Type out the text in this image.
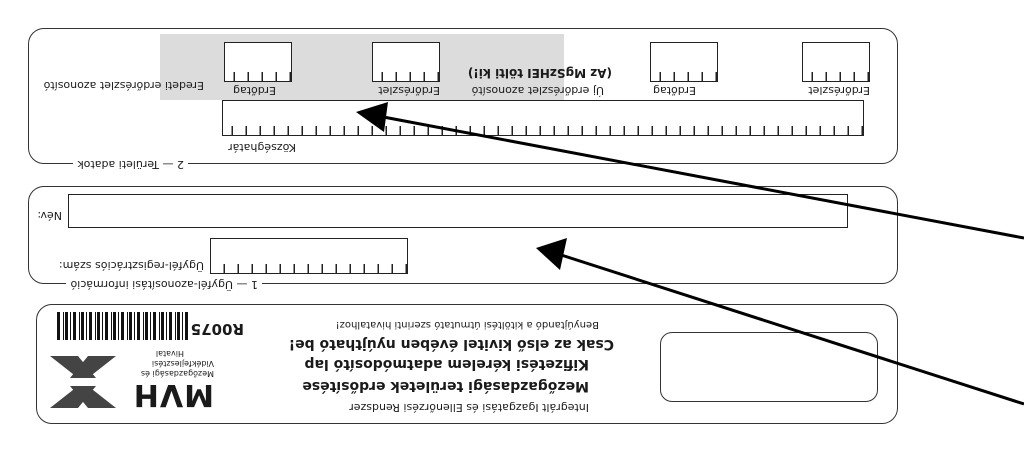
Integrált Igazgatási és Ellenőrzési Rendszer
Mezőgazdasági területek erdősítése
Kifizetési kérelem adatmódosító lap
Csak az első kivitel évében nyújtható be!
Benyújtandó a kitöltési útmutató szerinti hivatalhoz!
MVH
Mezőgazdasági és
Vidékfejlesztési
Hivatal
R0075
1 — Ügyfél-azonosítási információ
Ügyfél-regisztrációs szám:
Név:
2 — Területi adatok
Községhatár
Új erdőrészlet azonosító
(Az MgSzHEI tölti ki!)
Eredeti erdőrészlet azonosító	Erdőrészlet
Erdőtag
Erdőrészlet
Erdőtag
